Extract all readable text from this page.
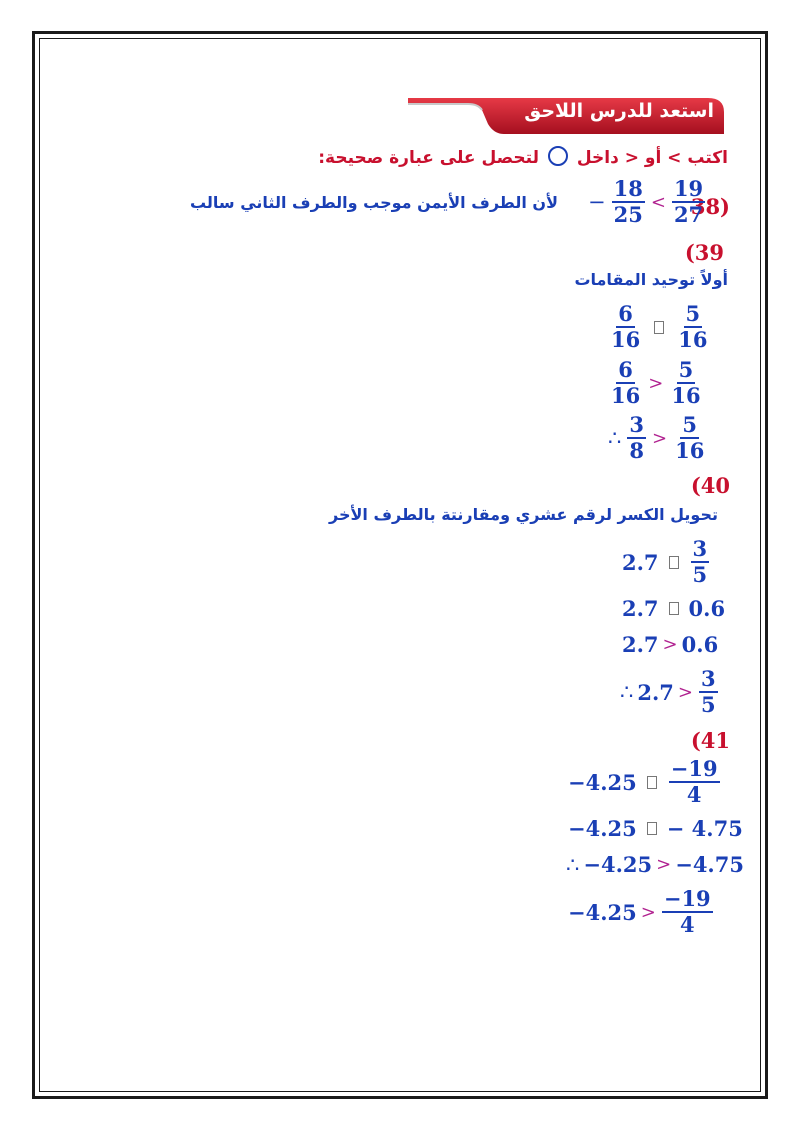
استعد للدرس اللاحق
اكتب > أو < داخل  لتحصل على عبارة صحيحة:
38)
− $\frac{18}{25} < \frac{19}{27}$
لأن الطرف الأيمن موجب والطرف الثاني سالب
(39
أولاً توحيد المقامات
$\frac{6}{16} \frac{5}{16}$
$\frac{6}{16} > \frac{5}{16}$
∴ $\frac{3}{8} > \frac{5}{16}$
(40
تحويل الكسر لرقم عشري ومقارنتة بالطرف الأخر
$2.7 \frac{3}{5}$
2.7 0.6
2.7 > 0.6
∴ $2.7 > \frac{3}{5}$
(41
$-4.25 \frac{-19}{4}$
−4.25 − 4.75
∴ −4.25 > −4.75
$-4.25 > \frac{-19}{4}$
